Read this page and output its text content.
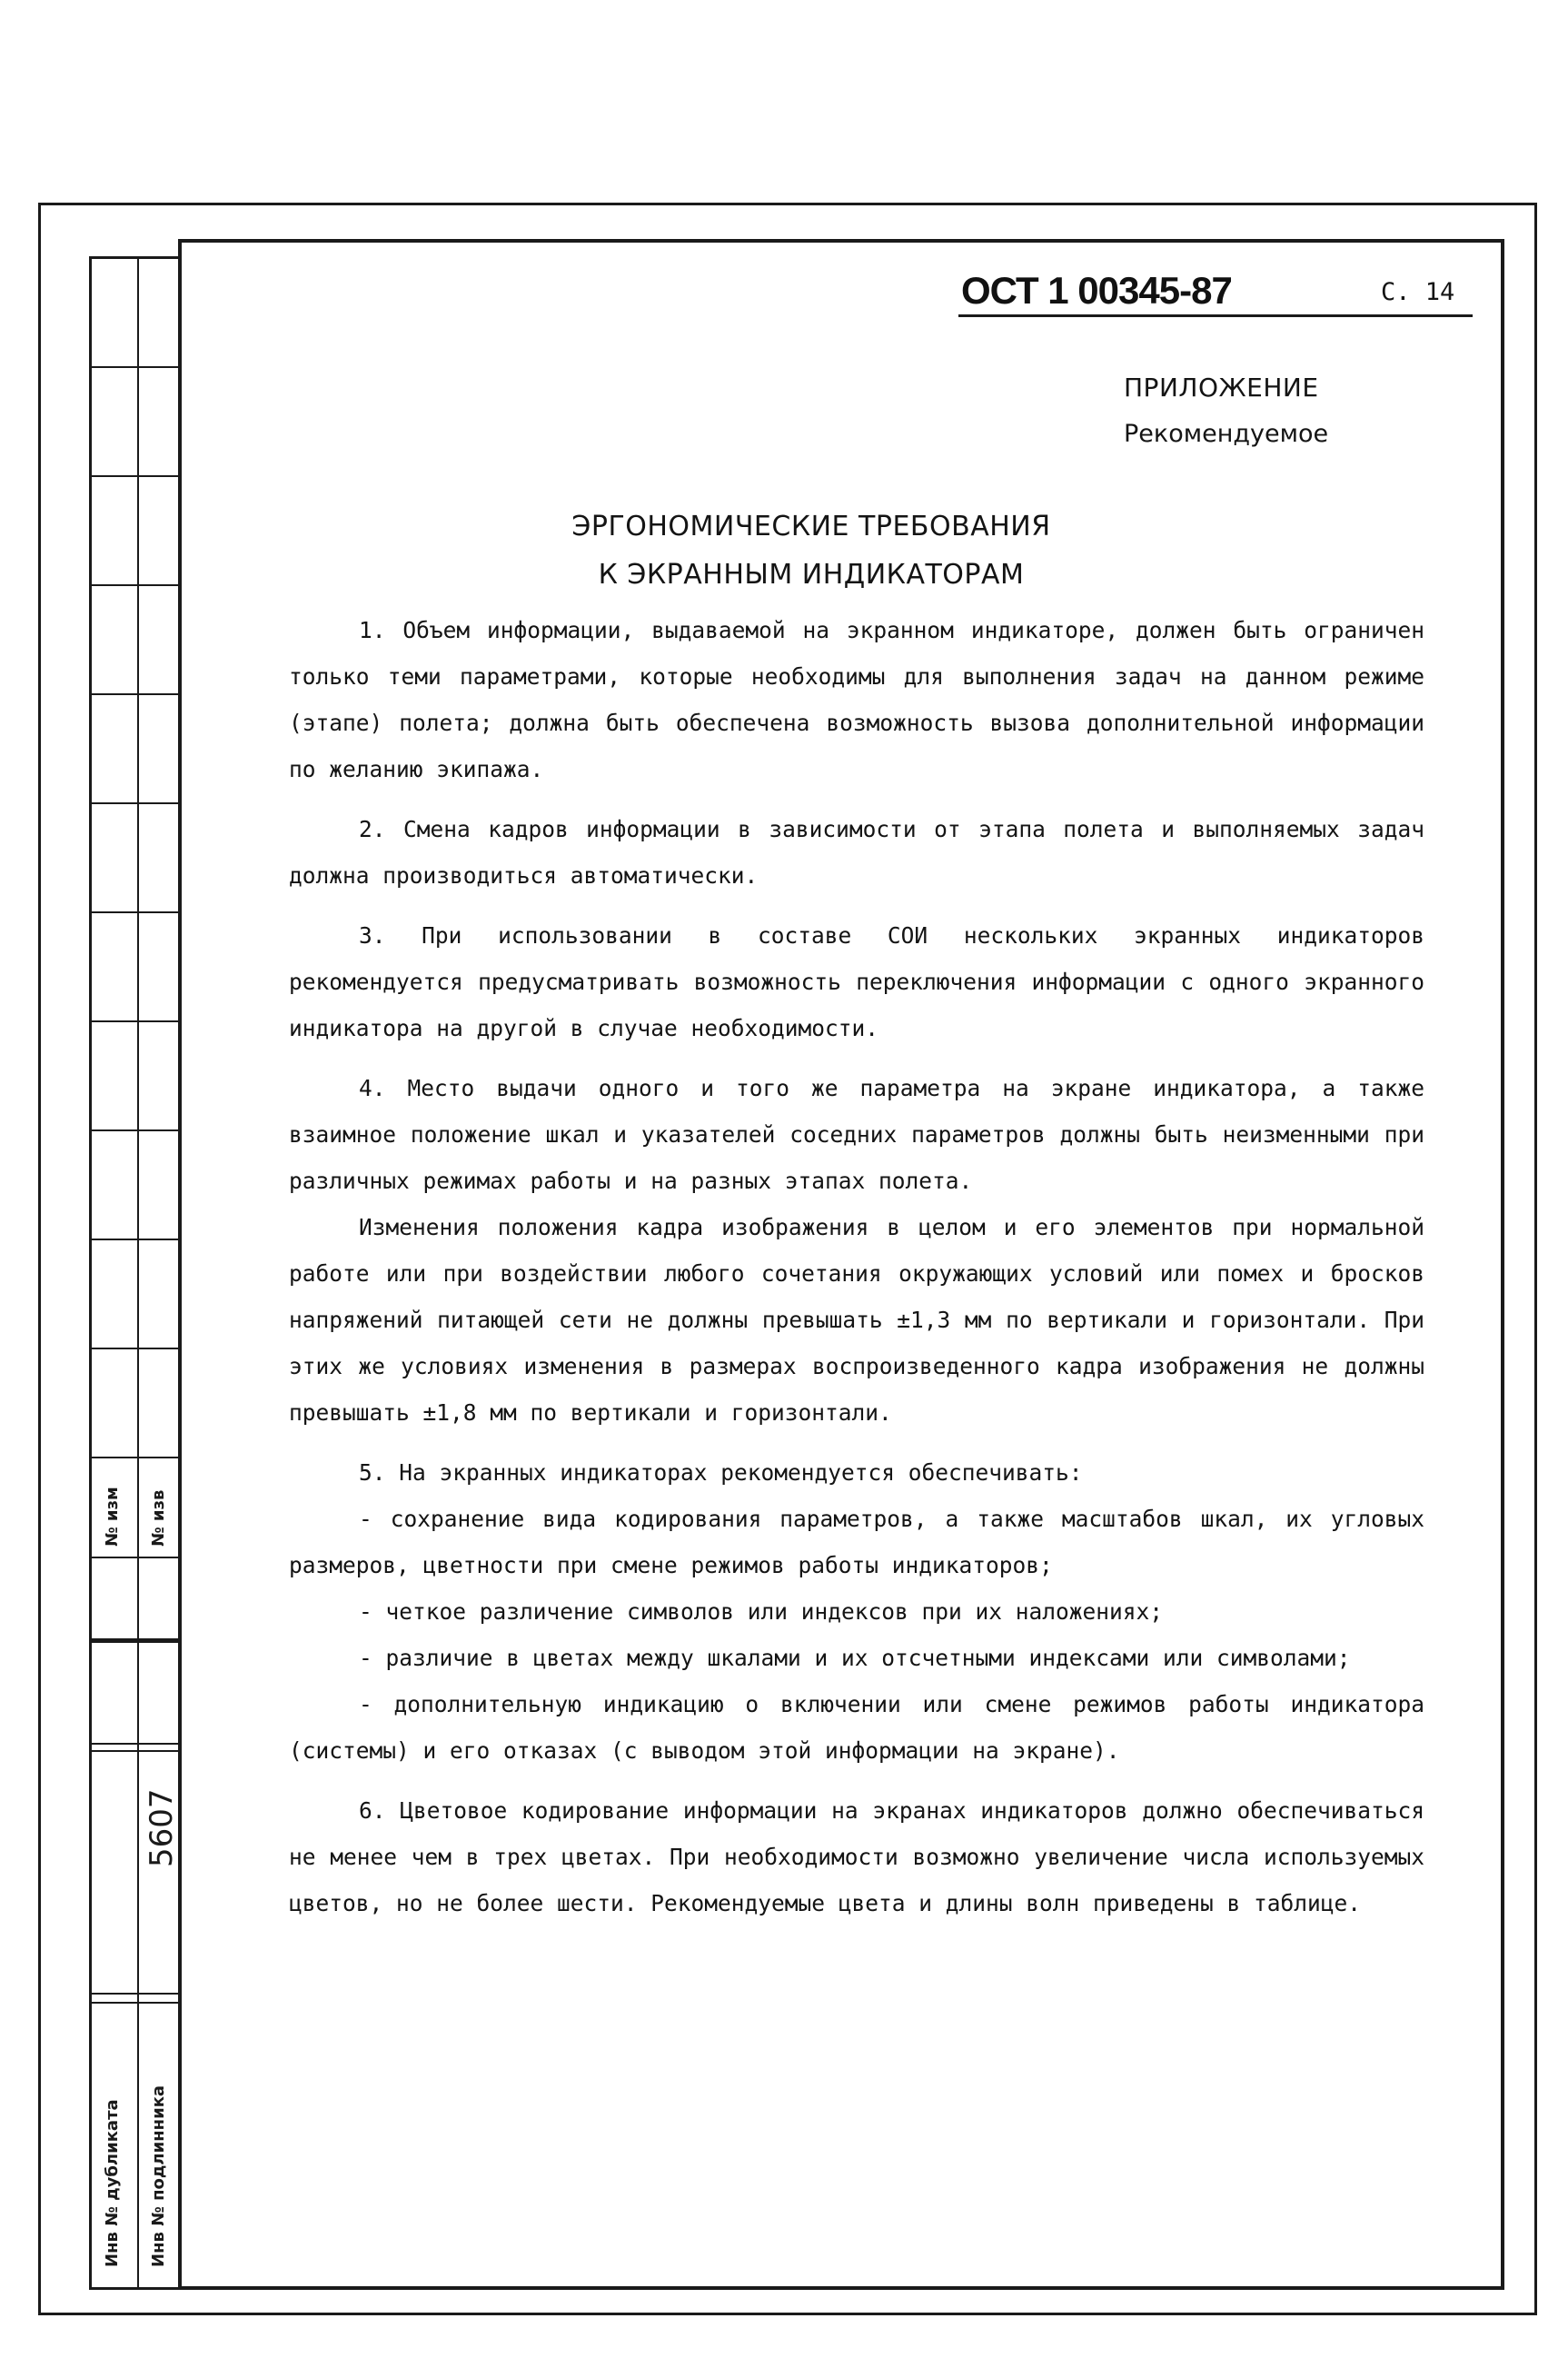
№ изм № изв
5607
Инв № дубликата Инв № подлинника
ОСТ 1 00345-87	С. 14
ПРИЛОЖЕНИЕ
Рекомендуемое
ЭРГОНОМИЧЕСКИЕ ТРЕБОВАНИЯ
К ЭКРАННЫМ ИНДИКАТОРАМ

1. Объем информации, выдаваемой на экранном индикаторе, должен быть ограничен только теми параметрами, которые необходимы для выполнения задач на данном режиме (этапе) полета; должна быть обеспечена возможность вызова дополнительной информации по желанию экипажа.

2. Смена кадров информации в зависимости от этапа полета и выполняемых задач должна производиться автоматически.

3. При использовании в составе СОИ нескольких экранных индикаторов рекомендуется предусматривать возможность переключения информации с одного экранного индикатора на другой в случае необходимости.

4. Место выдачи одного и того же параметра на экране индикатора, а также взаимное положение шкал и указателей соседних параметров должны быть неизменными при различных режимах работы и на разных этапах полета.

Изменения положения кадра изображения в целом и его элементов при нормальной работе или при воздействии любого сочетания окружающих условий или помех и бросков напряжений питающей сети не должны превышать ±1,3 мм по вертикали и горизонтали. При этих же условиях изменения в размерах воспроизведенного кадра изображения не должны превышать ±1,8 мм по вертикали и горизонтали.

5. На экранных индикаторах рекомендуется обеспечивать:

- сохранение вида кодирования параметров, а также масштабов шкал, их угловых размеров, цветности при смене режимов работы индикаторов;

- четкое различение символов или индексов при их наложениях;

- различие в цветах между шкалами и их отсчетными индексами или символами;

- дополнительную индикацию о включении или смене режимов работы индикатора (системы) и его отказах (с выводом этой информации на экране).

6. Цветовое кодирование информации на экранах индикаторов должно обеспечиваться не менее чем в трех цветах. При необходимости возможно увеличение числа используемых цветов, но не более шести. Рекомендуемые цвета и длины волн приведены в таблице.
